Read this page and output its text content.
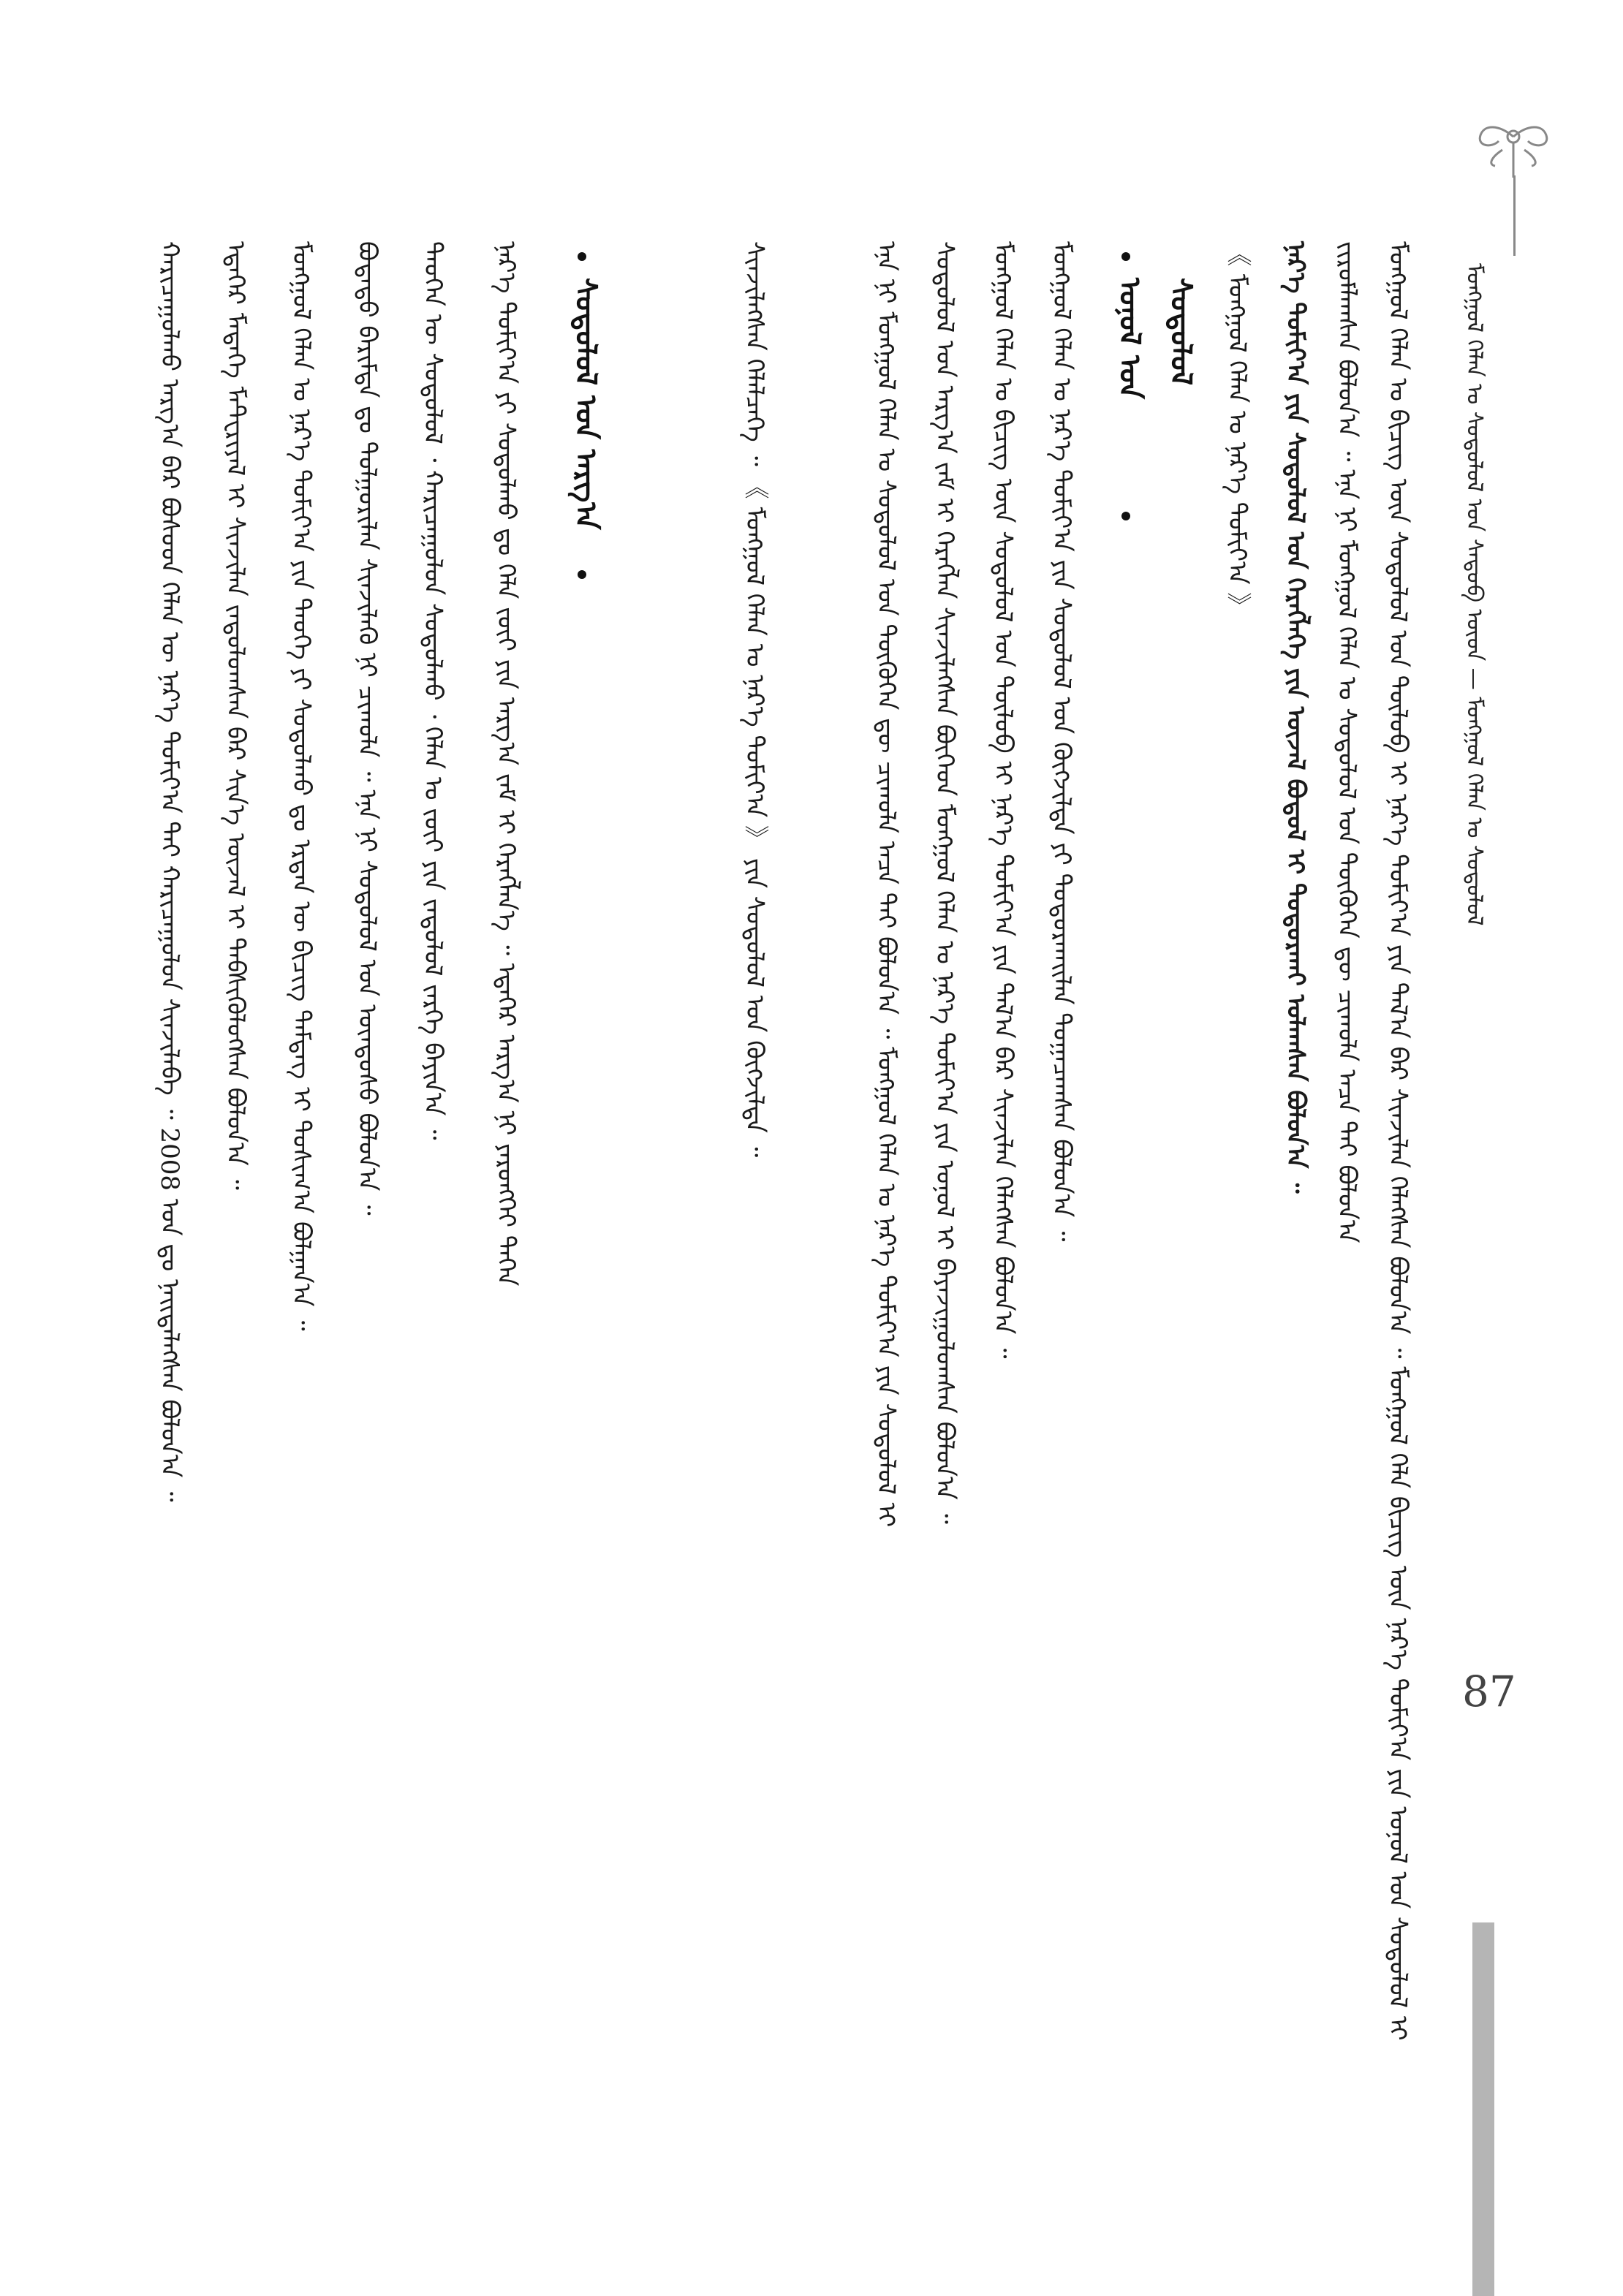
ᠮᠣᠩᠭᠣᠯ ᠬᠡᠯᠡᠨ ᠤ ᠰᠤᠳᠤᠯᠤᠯ ᠤᠨ ᠰᠡᠳᠦᠪ ᠦᠳ — ᠮᠣᠩᠭᠣᠯ ᠬᠡᠯᠡᠨ ᠤ ᠰᠤᠳᠤᠯᠤᠯ
ᠮᠣᠩᠭᠣᠯ ᠬᠡᠯᠡᠨ ᠤ ᠪᠢᠴᠢᠭ ᠦᠨ ᠰᠤᠳᠤᠯᠤᠯ ᠤᠨ ᠲᠥᠯᠦᠪ ᠢ ᠨᠡᠷ᠎ᠡ ᠲᠣᠮᠢᠶ᠎ᠠ ᠶᠢᠨ ᠲᠠᠯ᠎ᠠ ᠪᠠᠷ ᠰᠢᠨᠵᠢᠯᠡᠨ ᠬᠡᠯᠡᠭᠰᠡᠨ ᠪᠣᠯᠤᠨ᠎ᠠ ᠃ ᠮᠣᠩᠭᠣᠯ ᠬᠡᠯᠡ ᠪᠢᠴᠢᠭ ᠦᠨ ᠨᠡᠷ᠎ᠡ ᠲᠣᠮᠢᠶ᠎ᠠ ᠶᠢᠨ ᠣᠨᠣᠯ ᠤᠨ ᠰᠤᠳᠤᠯᠤᠯ ᠢ
ᠵᠢᠷᠤᠮᠯᠠᠭᠰᠠᠨ ᠪᠣᠯᠤᠨ᠎ᠠ ᠃ ᠡᠨᠡ ᠨᠢ ᠮᠣᠩᠭᠣᠯ ᠬᠡᠯᠡᠨ ᠤ ᠰᠤᠳᠤᠯᠤᠯ ᠤᠨ ᠲᠦᠭᠦᠬᠡᠨ ᠳᠦ ᠴᠢᠬᠤᠯᠠ ᠠᠴᠠ ᠲᠠᠢ ᠪᠣᠯᠤᠨ᠎ᠠ
ᠨᠡᠷ᠎ᠡ ᠲᠣᠮᠢᠶ᠎ᠠ ᠶᠢᠨ ᠰᠤᠳᠤᠯᠤᠯ ᠤᠨ ᠬᠡᠷᠡᠭᠯᠡᠭᠡ ᠶᠢᠨ ᠦᠵᠡᠯ ᠪᠣᠳᠤᠯ ᠢ ᠲᠣᠳᠤᠷᠬᠠᠢ ᠣᠯᠠᠭᠰᠠᠨ ᠪᠣᠯᠤᠨ᠎ᠠ ᠃
《 ᠮᠣᠩᠭᠣᠯ ᠬᠡᠯᠡᠨ ᠤ ᠨᠡᠷ᠎ᠡ ᠲᠣᠮᠢᠶ᠎ᠠ 》
ᠣᠨᠣᠯ ᠤᠨ ᠰᠤᠳᠤᠯᠤᠯ
ᠮᠣᠩᠭᠣᠯ ᠬᠡᠯᠡᠨ ᠤ ᠨᠡᠷ᠎ᠡ ᠲᠣᠮᠢᠶ᠎ᠠ ᠶᠢᠨ ᠰᠤᠳᠤᠯᠤᠯ ᠤᠨ ᠬᠥᠭᠵᠢᠯᠲᠡ ᠶᠢ ᠲᠣᠳᠤᠷᠬᠠᠢᠯᠠᠨ ᠲᠣᠭᠠᠴᠠᠭᠰᠠᠨ ᠪᠣᠯᠤᠨ᠎ᠠ ᠃
ᠮᠣᠩᠭᠣᠯ ᠬᠡᠯᠡᠨ ᠤ ᠪᠢᠴᠢᠭ ᠦᠨ ᠰᠤᠳᠤᠯᠤᠯ ᠤᠨ ᠲᠥᠯᠦᠪ ᠢ ᠨᠡᠷ᠎ᠡ ᠲᠣᠮᠢᠶ᠎ᠠ ᠶᠢᠨ ᠲᠠᠯ᠎ᠠ ᠪᠠᠷ ᠰᠢᠨᠵᠢᠯᠡᠨ ᠬᠡᠯᠡᠭᠰᠡᠨ ᠪᠣᠯᠤᠨ᠎ᠠ ᠃
ᠰᠤᠳᠤᠯᠤᠯ ᠤᠨ ᠠᠷᠭ᠎ᠠ ᠵᠠᠮ ᠢ ᠬᠡᠷᠡᠭᠯᠡᠨ ᠰᠢᠨᠵᠢᠯᠡᠭᠰᠡᠨ ᠪᠥᠭᠡᠳ ᠮᠣᠩᠭᠣᠯ ᠬᠡᠯᠡᠨ ᠤ ᠨᠡᠷ᠎ᠡ ᠲᠣᠮᠢᠶ᠎ᠠ ᠶᠢᠨ ᠣᠨᠣᠯ ᠢ ᠪᠠᠶᠠᠵᠢᠭᠤᠯᠤᠭᠰᠠᠨ ᠪᠣᠯᠤᠨ᠎ᠠ ᠃
ᠡᠨᠡ ᠨᠢ ᠮᠣᠩᠭᠣᠯ ᠬᠡᠯᠡᠨ ᠤ ᠰᠤᠳᠤᠯᠤᠯ ᠤᠨ ᠲᠦᠭᠦᠬᠡᠨ ᠳᠦ ᠴᠢᠬᠤᠯᠠ ᠠᠴᠠ ᠲᠠᠢ ᠪᠣᠯᠤᠨ᠎ᠠ ᠃ ᠮᠣᠩᠭᠣᠯ ᠬᠡᠯᠡᠨ ᠤ ᠨᠡᠷ᠎ᠡ ᠲᠣᠮᠢᠶ᠎ᠠ ᠶᠢᠨ ᠰᠤᠳᠤᠯᠤᠯ ᠢ
ᠰᠢᠨᠵᠢᠯᠡᠭᠰᠡᠨ ᠬᠡᠯᠡᠯᠴᠡᠭᠡ ᠃ 《 ᠮᠣᠩᠭᠣᠯ ᠬᠡᠯᠡᠨ ᠤ ᠨᠡᠷ᠎ᠡ ᠲᠣᠮᠢᠶ᠎ᠠ 》 ᠶᠢᠨ ᠰᠤᠳᠤᠯᠤᠯ ᠤᠨ ᠬᠥᠭᠵᠢᠯᠲᠡ ᠃
ᠰᠤᠳᠤᠯᠤᠯ ᠤᠨ ᠠᠷᠭ᠎ᠠ
ᠨᠡᠷ᠎ᠡ ᠲᠣᠮᠢᠶ᠎ᠠ ᠶᠢ ᠰᠤᠳᠤᠯᠬᠤ ᠳᠤ ᠬᠡᠯᠡ ᠵᠦᠢ ᠶᠢᠨ ᠠᠷᠭ᠎ᠠ ᠵᠠᠮ ᠢ ᠬᠡᠷᠡᠭᠯᠡᠨ᠎ᠡ ᠃ ᠡᠳᠡᠭᠡᠷ ᠠᠷᠭ᠎ᠠ ᠨᠢ ᠶᠡᠷᠦᠩᠬᠡᠢ ᠳᠡᠭᠡᠨ
ᠲᠡᠦᠬᠡᠨ ᠦ ᠰᠤᠳᠤᠯᠤᠯ ᠂ ᠬᠠᠷᠢᠴᠠᠭᠤᠯᠤᠨ ᠰᠤᠳᠤᠯᠬᠤ ᠂ ᠬᠡᠯᠡᠨ ᠤ ᠵᠦᠢ ᠶᠢᠨ ᠵᠠᠳᠤᠯᠤᠯ ᠵᠡᠷᠭᠡ ᠪᠠᠶᠢᠨ᠎ᠠ ᠃
ᠪᠣᠳᠠᠲᠤ ᠪᠠᠷᠢᠮᠲᠠ ᠳᠤ ᠲᠤᠯᠭᠤᠷᠢᠯᠠᠨ ᠰᠢᠨᠵᠢᠯᠡᠬᠦ ᠨᠢ ᠴᠢᠬᠤᠯᠠ ᠃ ᠡᠨᠡ ᠨᠢ ᠰᠤᠳᠤᠯᠤᠯ ᠤᠨ ᠦᠨᠳᠦᠰᠦ ᠪᠣᠯᠤᠨ᠎ᠠ ᠃
ᠮᠣᠩᠭᠣᠯ ᠬᠡᠯᠡᠨ ᠤ ᠨᠡᠷ᠎ᠡ ᠲᠣᠮᠢᠶ᠎ᠠ ᠶᠢᠨ ᠲᠡᠦᠬᠡ ᠶᠢ ᠰᠤᠳᠤᠯᠬᠤ ᠳᠤ ᠡᠷᠲᠡᠨ ᠦ ᠪᠢᠴᠢᠭ ᠲᠡᠮᠳᠡᠭ ᠢ ᠲᠤᠰᠢᠭ᠎ᠠ ᠪᠣᠯᠭᠠᠨ᠎ᠠ ᠃
ᠡᠳᠡᠭᠡᠷ ᠮᠡᠳᠡᠭᠡ ᠮᠠᠲᠸᠷᠢᠶᠠᠯ ᠢ ᠰᠢᠨᠵᠢᠯᠡᠨ ᠵᠠᠳᠤᠯᠤᠭᠰᠠᠨ ᠪᠡᠷ ᠰᠢᠨ᠎ᠡ ᠦᠵᠡᠯ ᠢ ᠳᠡᠪᠰᠢᠭᠦᠯᠦᠭᠰᠡᠨ ᠪᠣᠯᠤᠨ᠎ᠠ ᠃
ᠬᠠᠷᠢᠴᠠᠭᠤᠯᠬᠤ ᠠᠷᠭ᠎ᠠ ᠪᠠᠷ ᠪᠤᠰᠤᠳ ᠬᠡᠯᠡᠨ ᠦ ᠨᠡᠷ᠎ᠡ ᠲᠣᠮᠢᠶ᠎ᠠ ᠲᠠᠢ ᠬᠠᠷᠢᠴᠠᠭᠤᠯᠤᠨ ᠰᠢᠨᠵᠢᠯᠡᠪᠡ ᠃ 2008 ᠣᠨ ᠳᠤ ᠨᠡᠢᠲᠡᠯᠡᠭᠰᠡᠨ ᠪᠣᠯᠤᠨ᠎ᠠ ᠃
87
